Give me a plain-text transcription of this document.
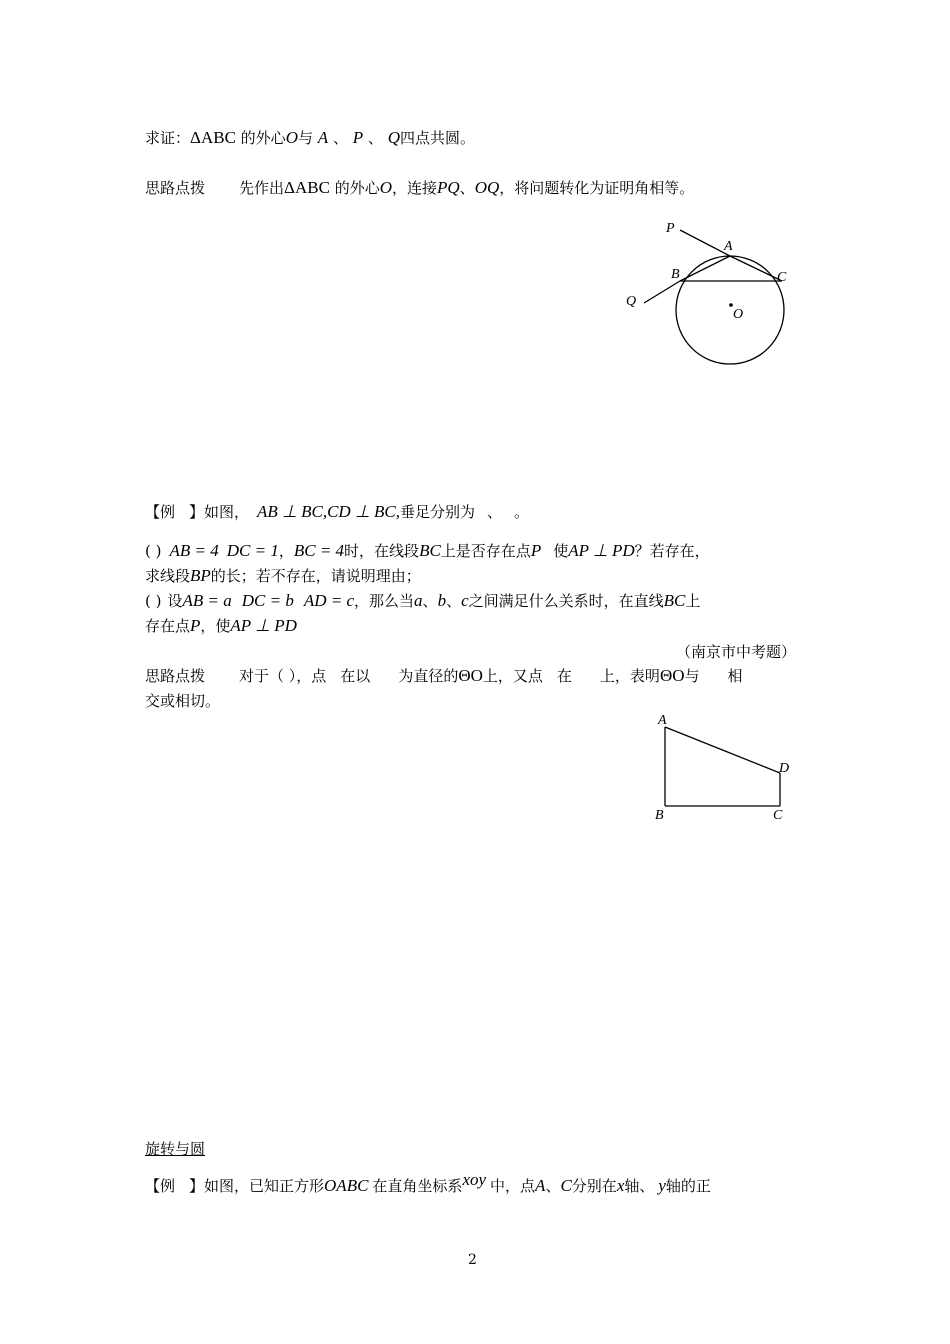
求证：ΔABC 的外心O与 A 、 P 、 Q四点共圆。
思路点拨 先作出ΔABC 的外心O，连接PQ、OQ，将问题转化为证明角相等。
P
A
B	C
Q
O
【例 】如图， AB ⊥ BC,CD ⊥ BC,垂足分别为 、 。
( ) AB = 4 DC = 1，BC = 4时，在线段BC上是否存在点P 使AP ⊥ PD？若存在，
求线段BP的长；若不存在，请说明理由；
( ) 设AB = a DC = b AD = c，那么当a、b、c之间满足什么关系时，在直线BC上
存在点P，使AP ⊥ PD
（南京市中考题）
思路点拨 对于（ ），点 在以 为直径的ΘO上，又点 在 上，表明ΘO与 相
交或相切。
A
D
B	C
旋转与圆
【例 】如图，已知正方形OABC 在直角坐标系xoy 中，点A、C分别在x轴、 y轴的正
2
